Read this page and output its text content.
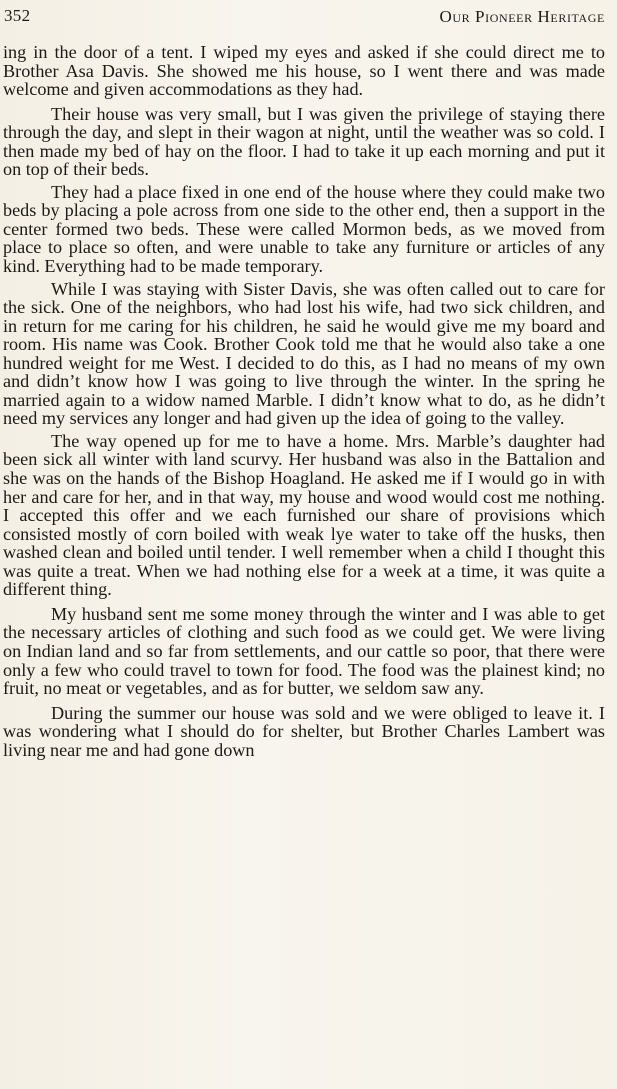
352	Our Pioneer Heritage

ing in the door of a tent. I wiped my eyes and asked if she could direct me to Brother Asa Davis. She showed me his house, so I went there and was made welcome and given accommodations as they had.

Their house was very small, but I was given the privilege of staying there through the day, and slept in their wagon at night, until the weather was so cold. I then made my bed of hay on the floor. I had to take it up each morning and put it on top of their beds.

They had a place fixed in one end of the house where they could make two beds by placing a pole across from one side to the other end, then a support in the center formed two beds. These were called Mormon beds, as we moved from place to place so often, and were unable to take any furniture or articles of any kind. Everything had to be made temporary.

While I was staying with Sister Davis, she was often called out to care for the sick. One of the neighbors, who had lost his wife, had two sick children, and in return for me caring for his children, he said he would give me my board and room. His name was Cook. Brother Cook told me that he would also take a one hundred weight for me West. I decided to do this, as I had no means of my own and didn’t know how I was going to live through the winter. In the spring he married again to a widow named Marble. I didn’t know what to do, as he didn’t need my services any longer and had given up the idea of going to the valley.

The way opened up for me to have a home. Mrs. Marble’s daughter had been sick all winter with land scurvy. Her husband was also in the Battalion and she was on the hands of the Bishop Hoagland. He asked me if I would go in with her and care for her, and in that way, my house and wood would cost me nothing. I accepted this offer and we each furnished our share of provisions which consisted mostly of corn boiled with weak lye water to take off the husks, then washed clean and boiled until tender. I well remember when a child I thought this was quite a treat. When we had nothing else for a week at a time, it was quite a different thing.

My husband sent me some money through the winter and I was able to get the necessary articles of clothing and such food as we could get. We were living on Indian land and so far from settlements, and our cattle so poor, that there were only a few who could travel to town for food. The food was the plainest kind; no fruit, no meat or vegetables, and as for butter, we seldom saw any.

During the summer our house was sold and we were obliged to leave it. I was wondering what I should do for shelter, but Brother Charles Lambert was living near me and had gone down
